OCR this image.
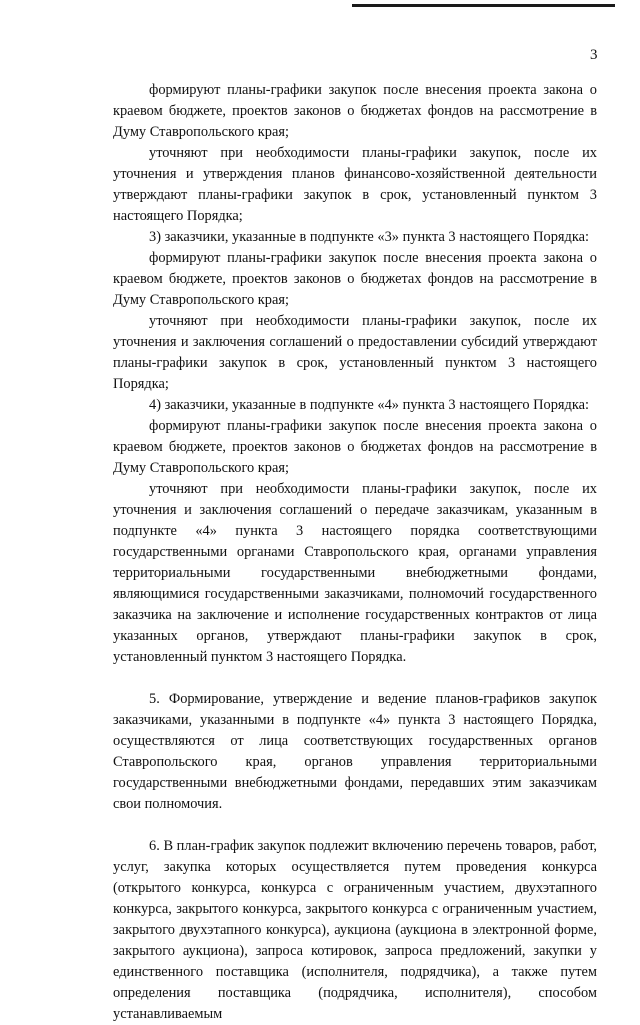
3

формируют планы-графики закупок после внесения проекта закона о краевом бюджете, проектов законов о бюджетах фондов на рассмотрение в Думу Ставропольского края;

уточняют при необходимости планы-графики закупок, после их уточнения и утверждения планов финансово-хозяйственной деятельности утверждают планы-графики закупок в срок, установленный пунктом 3 настоящего Порядка;

3) заказчики, указанные в подпункте «3» пункта 3 настоящего Порядка:

формируют планы-графики закупок после внесения проекта закона о краевом бюджете, проектов законов о бюджетах фондов на рассмотрение в Думу Ставропольского края;

уточняют при необходимости планы-графики закупок, после их уточнения и заключения соглашений о предоставлении субсидий утверждают планы-графики закупок в срок, установленный пунктом 3 настоящего Порядка;

4) заказчики, указанные в подпункте «4» пункта 3 настоящего Порядка:

формируют планы-графики закупок после внесения проекта закона о краевом бюджете, проектов законов о бюджетах фондов на рассмотрение в Думу Ставропольского края;

уточняют при необходимости планы-графики закупок, после их уточнения и заключения соглашений о передаче заказчикам, указанным в подпункте «4» пункта 3 настоящего порядка соответствующими государственными органами Ставропольского края, органами управления территориальными государственными внебюджетными фондами, являющимися государственными заказчиками, полномочий государственного заказчика на заключение и исполнение государственных контрактов от лица указанных органов, утверждают планы-графики закупок в срок, установленный пунктом 3 настоящего Порядка.

5. Формирование, утверждение и ведение планов-графиков закупок заказчиками, указанными в подпункте «4» пункта 3 настоящего Порядка, осуществляются от лица соответствующих государственных органов Ставропольского края, органов управления территориальными государственными внебюджетными фондами, передавших этим заказчикам свои полномочия.

6. В план-график закупок подлежит включению перечень товаров, работ, услуг, закупка которых осуществляется путем проведения конкурса (открытого конкурса, конкурса с ограниченным участием, двухэтапного конкурса, закрытого конкурса, закрытого конкурса с ограниченным участием, закрытого двухэтапного конкурса), аукциона (аукциона в электронной форме, закрытого аукциона), запроса котировок, запроса предложений, закупки у единственного поставщика (исполнителя, подрядчика), а также путем определения поставщика (подрядчика, исполнителя), способом устанавливаемым
